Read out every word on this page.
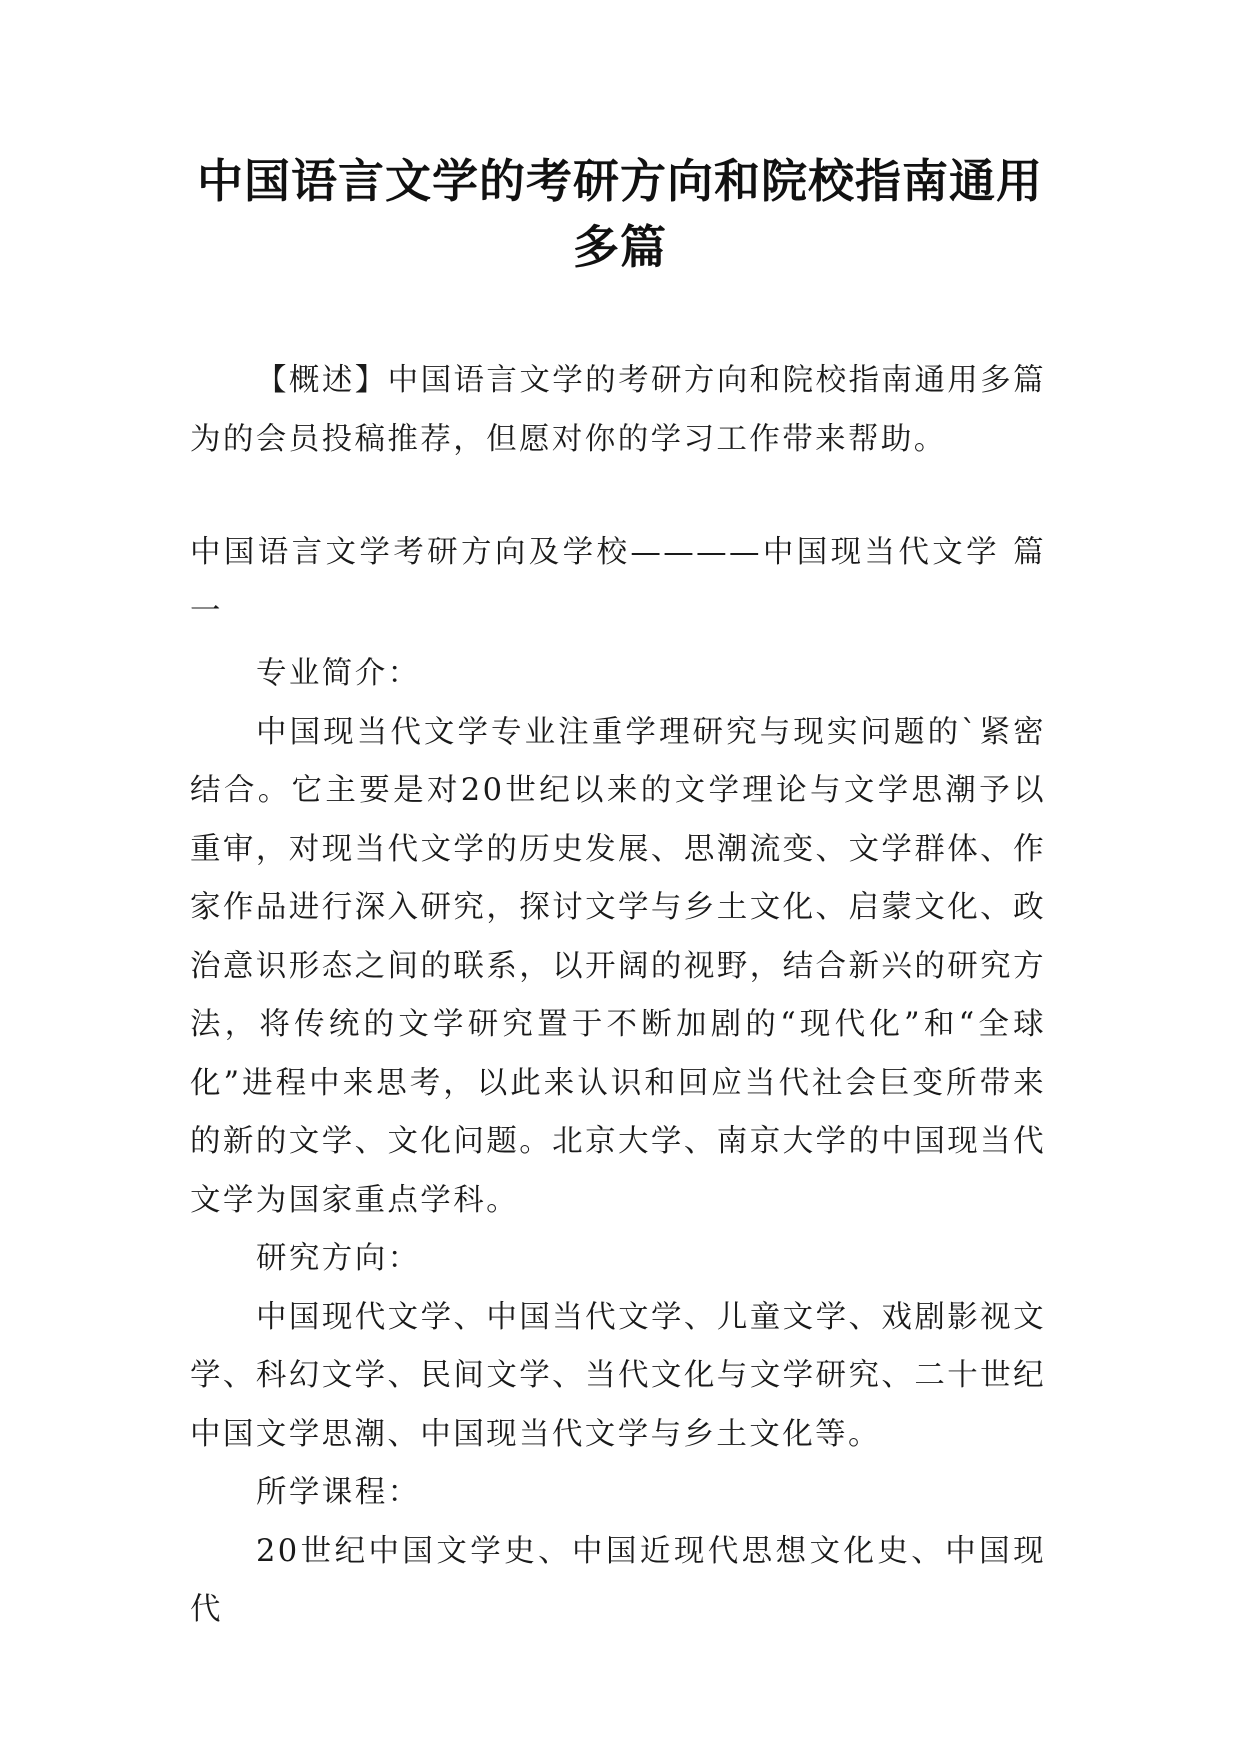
中国语言文学的考研方向和院校指南通用多篇

【概述】中国语言文学的考研方向和院校指南通用多篇为的会员投稿推荐，但愿对你的学习工作带来帮助。

中国语言文学考研方向及学校————中国现当代文学 篇一

专业简介：

中国现当代文学专业注重学理研究与现实问题的`紧密结合。它主要是对20世纪以来的文学理论与文学思潮予以重审，对现当代文学的历史发展、思潮流变、文学群体、作家作品进行深入研究，探讨文学与乡土文化、启蒙文化、政治意识形态之间的联系，以开阔的视野，结合新兴的研究方法，将传统的文学研究置于不断加剧的“现代化”和“全球化”进程中来思考，以此来认识和回应当代社会巨变所带来的新的文学、文化问题。北京大学、南京大学的中国现当代文学为国家重点学科。

研究方向：

中国现代文学、中国当代文学、儿童文学、戏剧影视文学、科幻文学、民间文学、当代文化与文学研究、二十世纪中国文学思潮、中国现当代文学与乡土文化等。

所学课程：

20世纪中国文学史、中国近现代思想文化史、中国现代
